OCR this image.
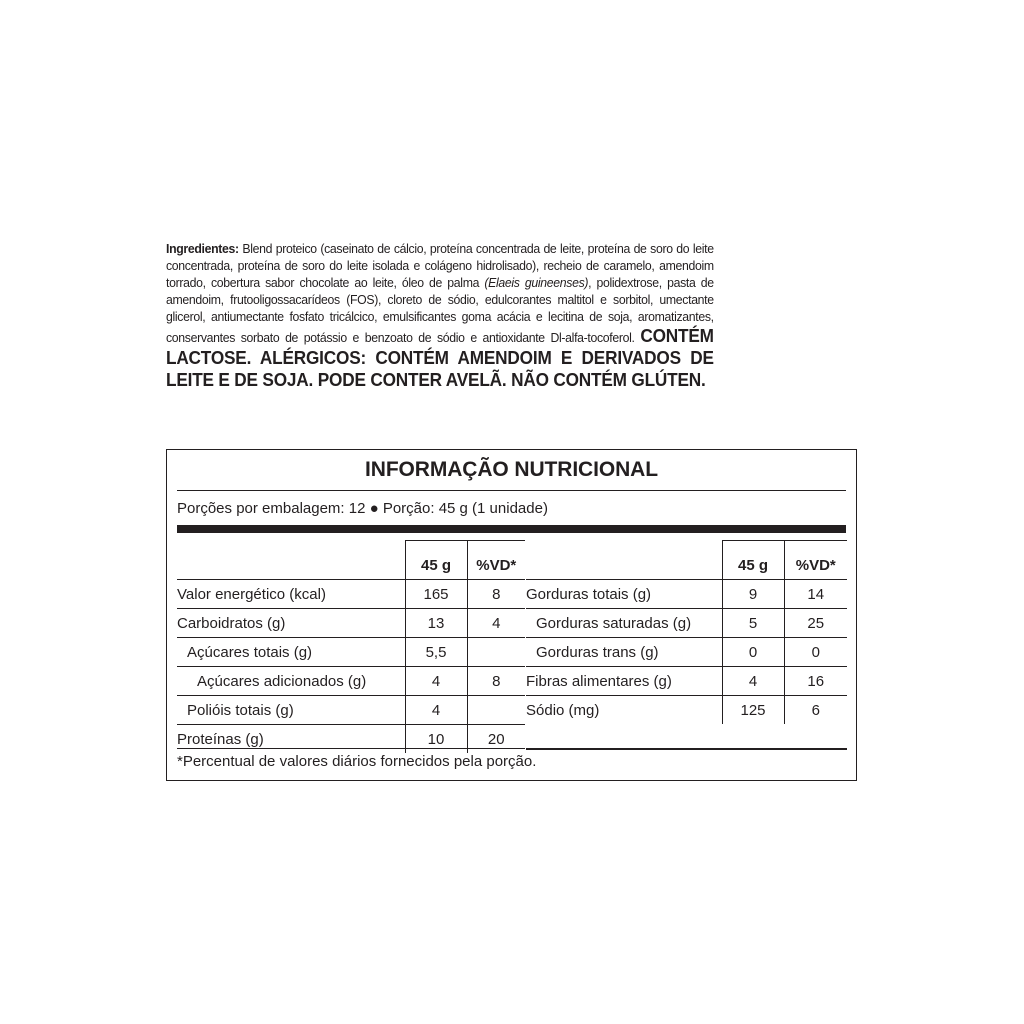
Ingredientes: Blend proteico (caseinato de cálcio, proteína concentrada de leite, proteína de soro do leite concentrada, proteína de soro do leite isolada e colágeno hidrolisado), recheio de caramelo, amendoim torrado, cobertura sabor chocolate ao leite, óleo de palma (Elaeis guineenses), polidextrose, pasta de amendoim, frutooligossacarídeos (FOS), cloreto de sódio, edulcorantes maltitol e sorbitol, umectante glicerol, antiumectante fosfato tricálcico, emulsificantes goma acácia e lecitina de soja, aromatizantes, conservantes sorbato de potássio e benzoato de sódio e antioxidante Dl-alfa-tocoferol. CONTÉM LACTOSE. ALÉRGICOS: CONTÉM AMENDOIM E DERIVADOS DE LEITE E DE SOJA. PODE CONTER AVELÃ. NÃO CONTÉM GLÚTEN.
INFORMAÇÃO NUTRICIONAL
Porções por embalagem: 12 ● Porção: 45 g (1 unidade)
	45 g	%VD*
Valor energético (kcal)	165	8
Carboidratos (g)	13	4
Açúcares totais (g)	5,5	
Açúcares adicionados (g)	4	8
Polióis totais (g)	4	
Proteínas (g)	10	20
	45 g	%VD*
Gorduras totais (g)	9	14
Gorduras saturadas (g)	5	25
Gorduras trans (g)	0	0
Fibras alimentares (g)	4	16
Sódio (mg)	125	6
*Percentual de valores diários fornecidos pela porção.
